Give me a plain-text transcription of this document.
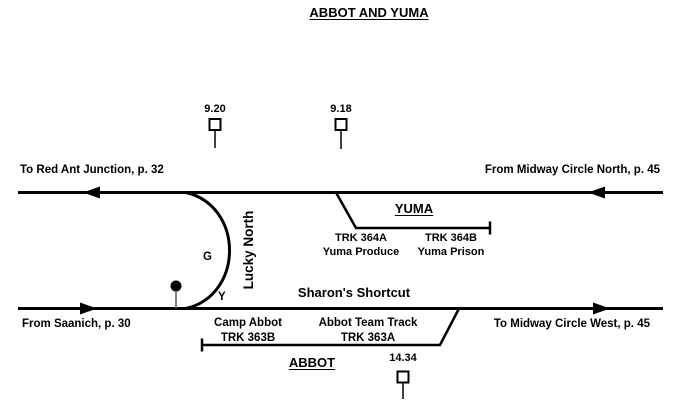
ABBOT AND YUMA
9.20	9.18
14.34
To Red Ant Junction, p. 32	From Midway Circle North, p. 45
From Saanich, p. 30	To Midway Circle West, p. 45
YUMA
TRK 364A
Yuma Produce
TRK 364B
Yuma Prison
ABBOT
Camp Abbot
TRK 363B
Abbot Team Track
TRK 363A
Lucky North
Sharon's Shortcut
G
Y
